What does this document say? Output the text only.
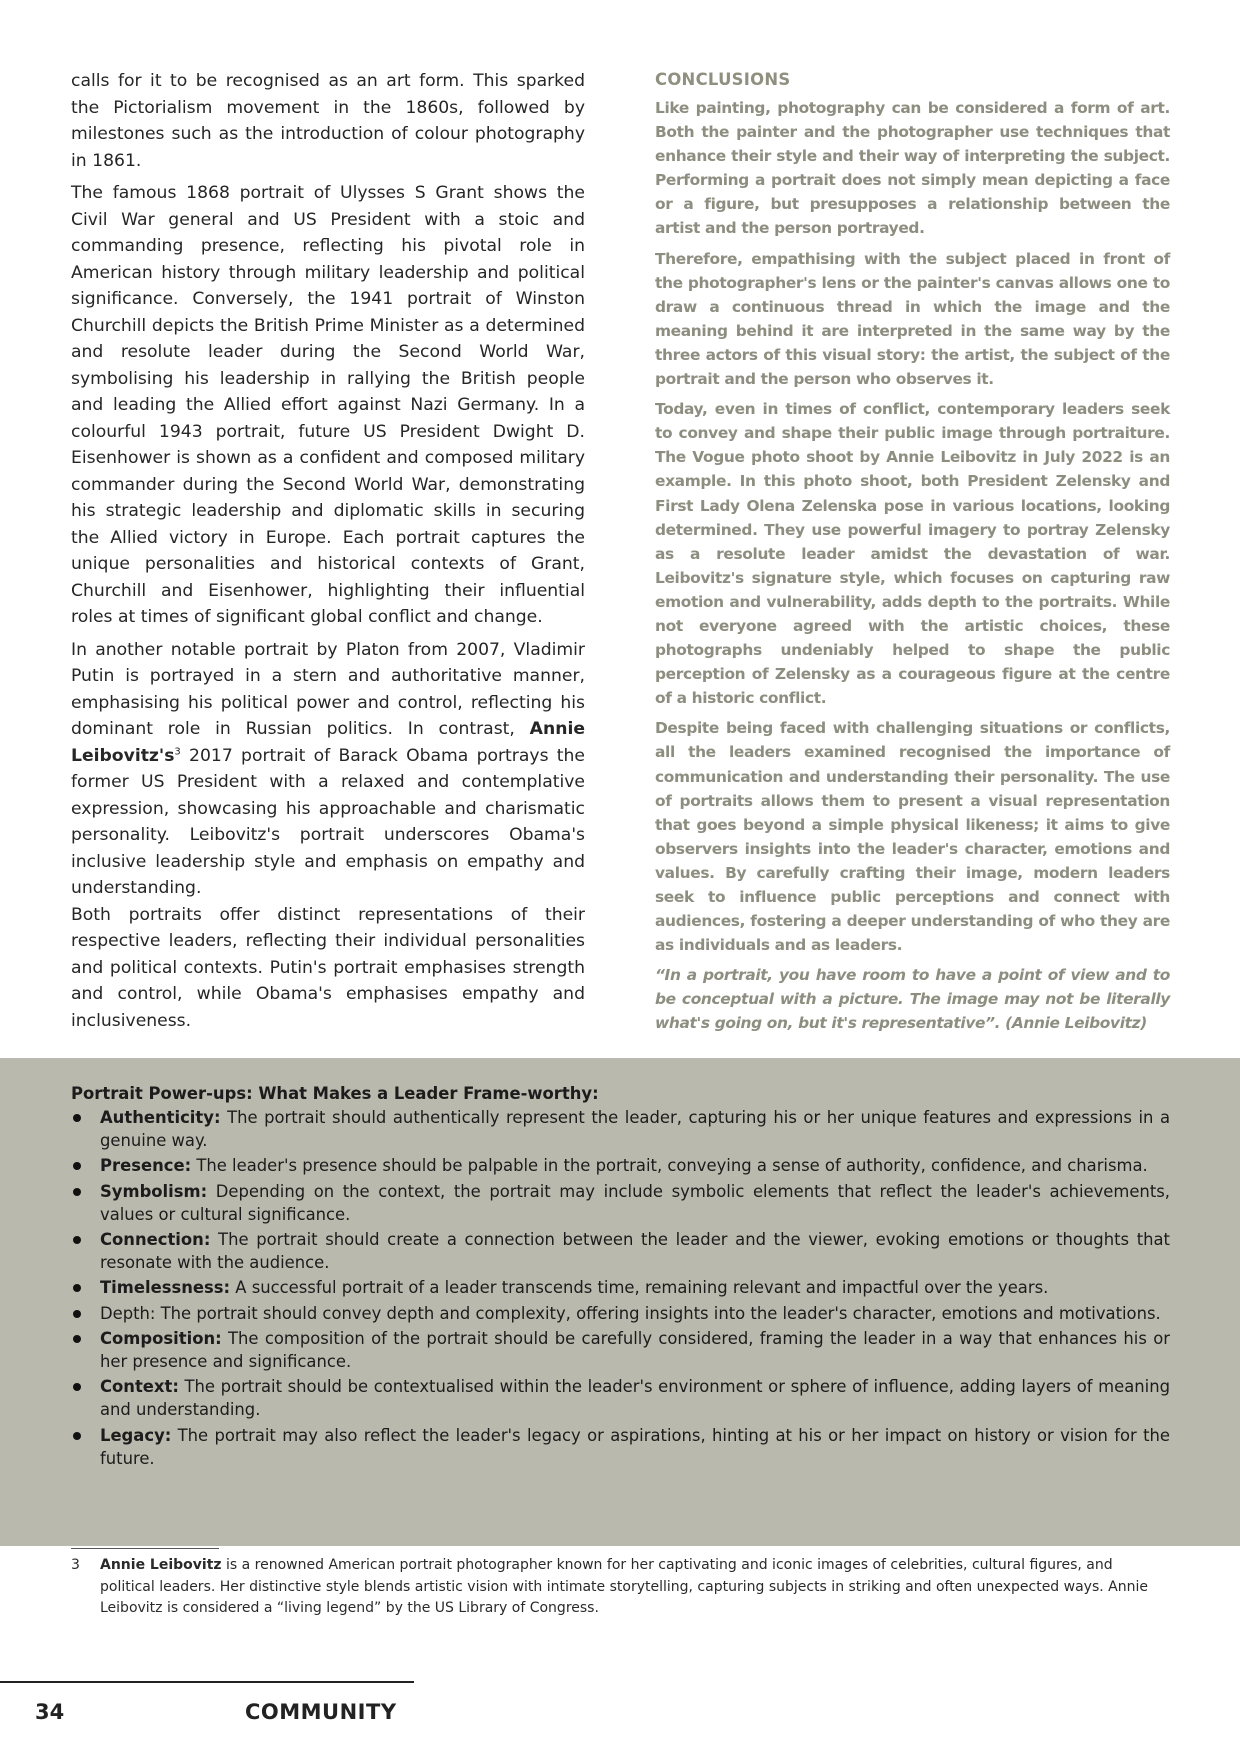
calls for it to be recognised as an art form. This sparked the Pictorialism movement in the 1860s, followed by milestones such as the introduction of colour photography in 1861.

The famous 1868 portrait of Ulysses S Grant shows the Civil War general and US President with a stoic and commanding presence, reflecting his pivotal role in American history through military leadership and political significance. Conversely, the 1941 portrait of Winston Churchill depicts the British Prime Minister as a determined and resolute leader during the Second World War, symbolising his leadership in rallying the British people and leading the Allied effort against Nazi Germany. In a colourful 1943 portrait, future US President Dwight D. Eisenhower is shown as a confident and composed military commander during the Second World War, demonstrating his strategic leadership and diplomatic skills in securing the Allied victory in Europe. Each portrait captures the unique personalities and historical contexts of Grant, Churchill and Eisenhower, highlighting their influential roles at times of significant global conflict and change.

In another notable portrait by Platon from 2007, Vladimir Putin is portrayed in a stern and authoritative manner, emphasising his political power and control, reflecting his dominant role in Russian politics. In contrast, Annie $Leibovitz's^3$ 2017 portrait of Barack Obama portrays the former US President with a relaxed and contemplative expression, showcasing his approachable and charismatic personality. Leibovitz's portrait underscores Obama's inclusive leadership style and emphasis on empathy and understanding.

Both portraits offer distinct representations of their respective leaders, reflecting their individual personalities and political contexts. Putin's portrait emphasises strength and control, while Obama's emphasises empathy and inclusiveness.

CONCLUSIONS

Like painting, photography can be considered a form of art. Both the painter and the photographer use techniques that enhance their style and their way of interpreting the subject. Performing a portrait does not simply mean depicting a face or a figure, but presupposes a relationship between the artist and the person portrayed.

Therefore, empathising with the subject placed in front of the photographer's lens or the painter's canvas allows one to draw a continuous thread in which the image and the meaning behind it are interpreted in the same way by the three actors of this visual story: the artist, the subject of the portrait and the person who observes it.

Today, even in times of conflict, contemporary leaders seek to convey and shape their public image through portraiture. The Vogue photo shoot by Annie Leibovitz in July 2022 is an example. In this photo shoot, both President Zelensky and First Lady Olena Zelenska pose in various locations, looking determined. They use powerful imagery to portray Zelensky as a resolute leader amidst the devastation of war. Leibovitz's signature style, which focuses on capturing raw emotion and vulnerability, adds depth to the portraits. While not everyone agreed with the artistic choices, these photographs undeniably helped to shape the public perception of Zelensky as a courageous figure at the centre of a historic conflict.

Despite being faced with challenging situations or conflicts, all the leaders examined recognised the importance of communication and understanding their personality. The use of portraits allows them to present a visual representation that goes beyond a simple physical likeness; it aims to give observers insights into the leader's character, emotions and values. By carefully crafting their image, modern leaders seek to influence public perceptions and connect with audiences, fostering a deeper understanding of who they are as individuals and as leaders.

“In a portrait, you have room to have a point of view and to be conceptual with a picture. The image may not be literally what's going on, but it's representative”. (Annie Leibovitz)

Portrait Power-ups: What Makes a Leader Frame-worthy:
Authenticity: The portrait should authentically represent the leader, capturing his or her unique features and expressions in a genuine way.
Presence: The leader's presence should be palpable in the portrait, conveying a sense of authority, confidence, and charisma.
Symbolism: Depending on the context, the portrait may include symbolic elements that reflect the leader's achievements, values or cultural significance.
Connection: The portrait should create a connection between the leader and the viewer, evoking emotions or thoughts that resonate with the audience.
Timelessness: A successful portrait of a leader transcends time, remaining relevant and impactful over the years.
Depth: The portrait should convey depth and complexity, offering insights into the leader's character, emotions and motivations.
Composition: The composition of the portrait should be carefully considered, framing the leader in a way that enhances his or her presence and significance.
Context: The portrait should be contextualised within the leader's environment or sphere of influence, adding layers of meaning and understanding.
Legacy: The portrait may also reflect the leader's legacy or aspirations, hinting at his or her impact on history or vision for the future.
3	Annie Leibovitz is a renowned American portrait photographer known for her captivating and iconic images of celebrities, cultural figures, and political leaders. Her distinctive style blends artistic vision with intimate storytelling, capturing subjects in striking and often unexpected ways. Annie Leibovitz is considered a “living legend” by the US Library of Congress.
34	COMMUNITY
